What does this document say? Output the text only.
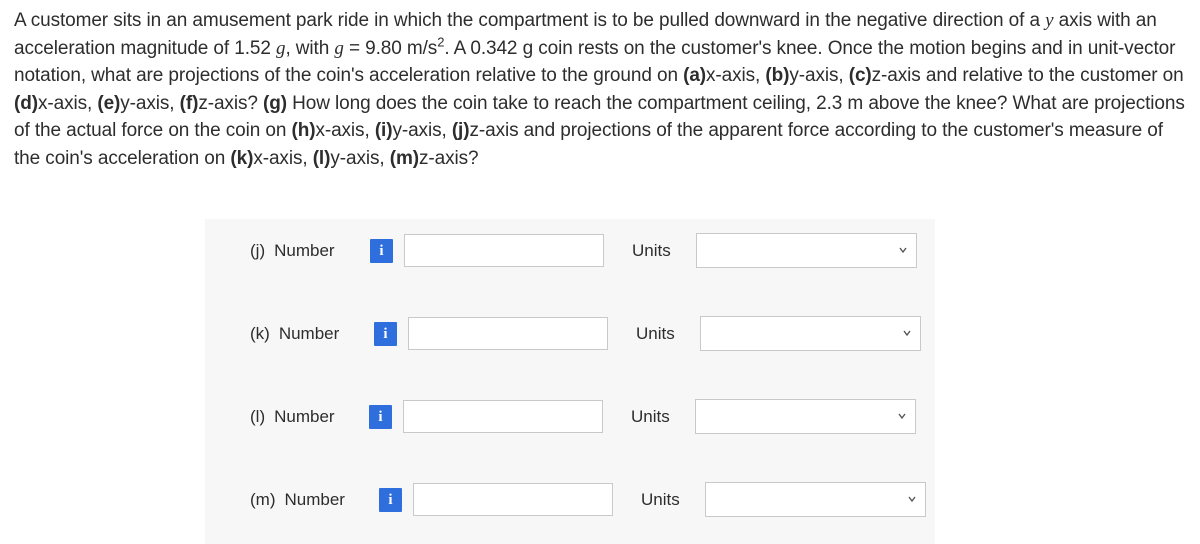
A customer sits in an amusement park ride in which the compartment is to be pulled downward in the negative direction of a y axis with an acceleration magnitude of 1.52 g, with g = 9.80 $m/s^2$. A 0.342 g coin rests on the customer's knee. Once the motion begins and in unit-vector notation, what are projections of the coin's acceleration relative to the ground on (a)x-axis, (b)y-axis, (c)z-axis and relative to the customer on (d)x-axis, (e)y-axis, (f)z-axis? (g) How long does the coin take to reach the compartment ceiling, 2.3 m above the knee? What are projections of the actual force on the coin on (h)x-axis, (i)y-axis, (j)z-axis and projections of the apparent force according to the customer's measure of the coin's acceleration on (k)x-axis, (l)y-axis, (m)z-axis?
(j) Number	i	Units
(k) Number	i	Units
(l) Number	i	Units
(m) Number	i	Units
